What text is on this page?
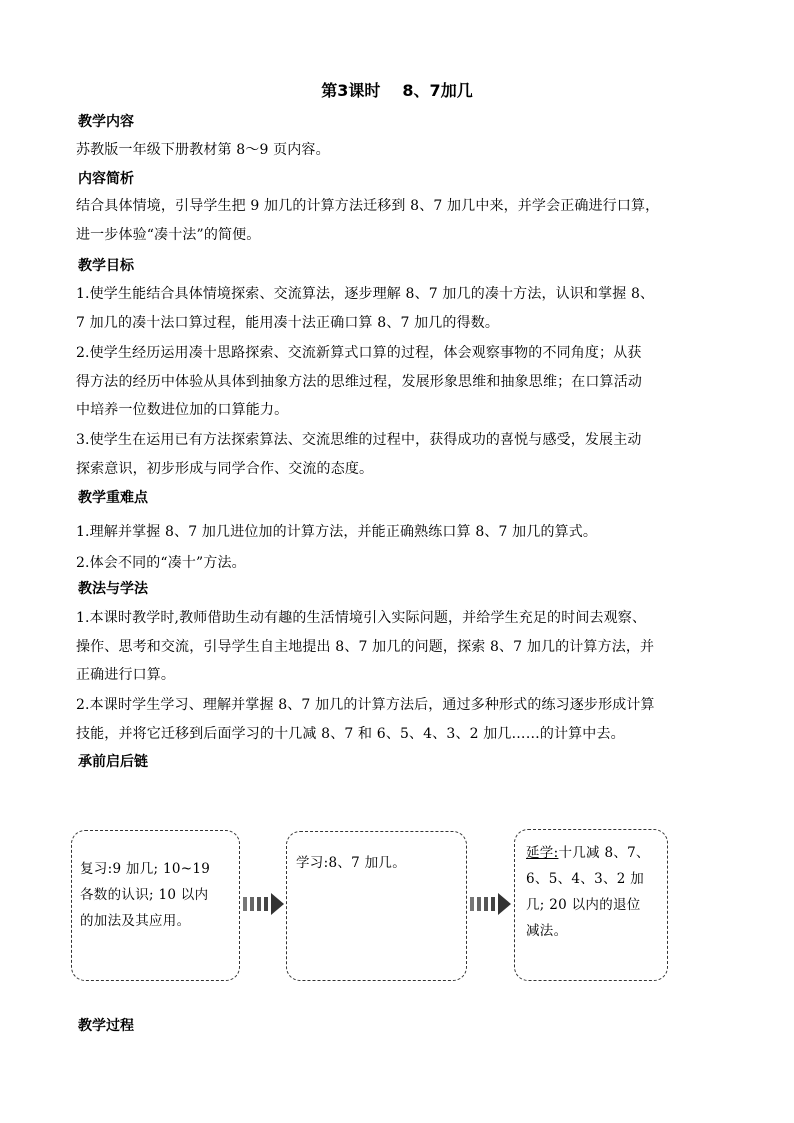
第3课时 8、7加几
教学内容
苏教版一年级下册教材第 8～9 页内容。
内容简析
结合具体情境，引导学生把 9 加几的计算方法迁移到 8、7 加几中来，并学会正确进行口算，
进一步体验“凑十法”的简便。
教学目标
1.使学生能结合具体情境探索、交流算法，逐步理解 8、7 加几的凑十方法，认识和掌握 8、
7 加几的凑十法口算过程，能用凑十法正确口算 8、7 加几的得数。
2.使学生经历运用凑十思路探索、交流新算式口算的过程，体会观察事物的不同角度；从获
得方法的经历中体验从具体到抽象方法的思维过程，发展形象思维和抽象思维；在口算活动
中培养一位数进位加的口算能力。
3.使学生在运用已有方法探索算法、交流思维的过程中，获得成功的喜悦与感受，发展主动
探索意识，初步形成与同学合作、交流的态度。
教学重难点
1.理解并掌握 8、7 加几进位加的计算方法，并能正确熟练口算 8、7 加几的算式。
2.体会不同的“凑十”方法。
教法与学法
1.本课时教学时,教师借助生动有趣的生活情境引入实际问题，并给学生充足的时间去观察、
操作、思考和交流，引导学生自主地提出 8、7 加几的问题，探索 8、7 加几的计算方法，并
正确进行口算。
2.本课时学生学习、理解并掌握 8、7 加几的计算方法后，通过多种形式的练习逐步形成计算
技能，并将它迁移到后面学习的十几减 8、7 和 6、5、4、3、2 加几……的计算中去。
承前启后链
复习:9 加几; 10~19
各数的认识; 10 以内
的加法及其应用。
学习:8、7 加几。
延学:十几减 8、7、
6、5、4、3、2 加
几; 20 以内的退位
减法。
教学过程
